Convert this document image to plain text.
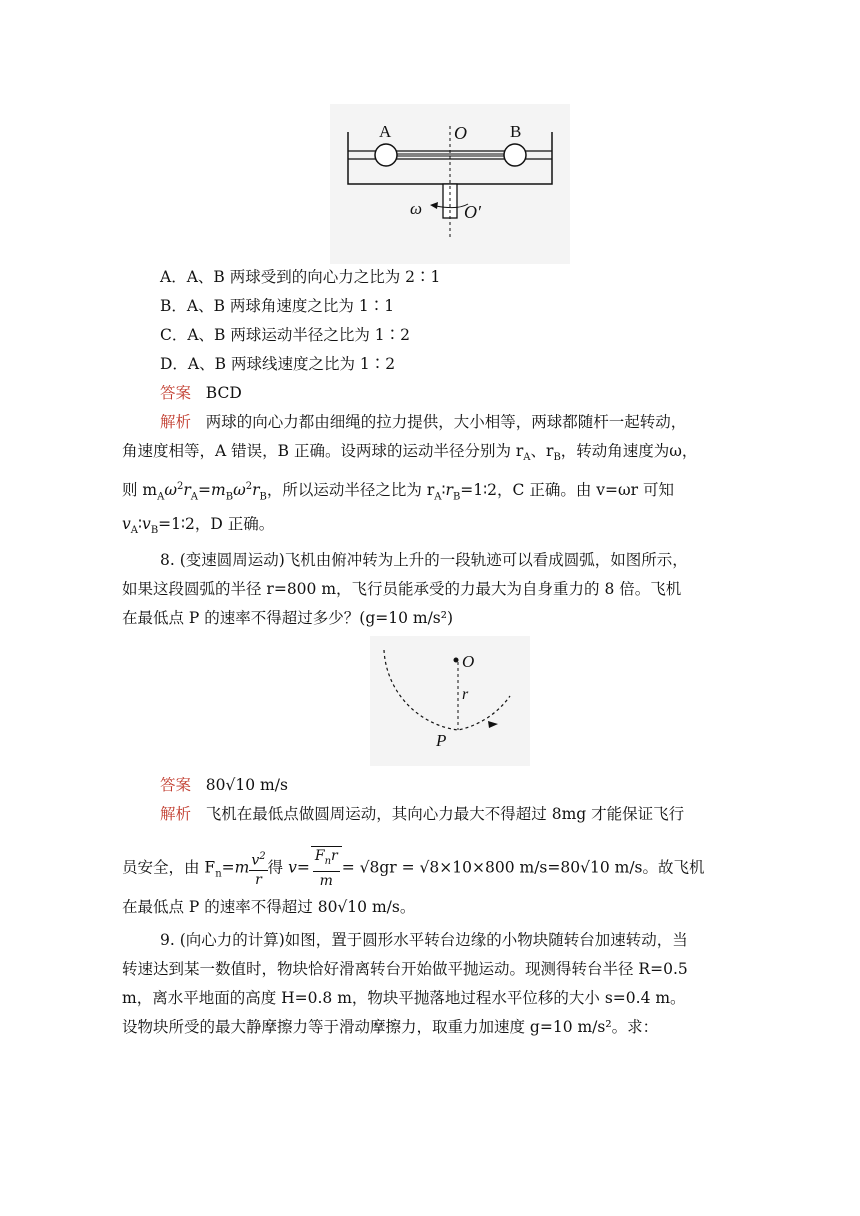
A	B
O
O′
ω
A．A、B 两球受到的向心力之比为 2∶1
B．A、B 两球角速度之比为 1∶1
C．A、B 两球运动半径之比为 1∶2
D．A、B 两球线速度之比为 1∶2
答案 BCD
解析 两球的向心力都由细绳的拉力提供，大小相等，两球都随杆一起转动，
角速度相等，A 错误，B 正确。设两球的运动半径分别为 $r_A$、$r_B$，转动角速度为ω，
则 $m_A\omega^2r_A=m_B\omega^2r_B$，所以运动半径之比为 $r_A∶r_B=1∶2$，C 正确。由 v=ωr 可知
$v_A∶v_B=1∶2$，D 正确。
8. (变速圆周运动)飞机由俯冲转为上升的一段轨迹可以看成圆弧，如图所示，
如果这段圆弧的半径 r=800 m，飞行员能承受的力最大为自身重力的 8 倍。飞机
在最低点 P 的速率不得超过多少？(g=10 m/s²)
O
r
P
答案 80√10 m/s
解析 飞机在最低点做圆周运动，其向心力最大不得超过 8mg 才能保证飞行
员安全，由 $F_n=m \frac{v^2}{r}$ 得 $v= \frac{F_nr}{m} = √8gr = √8\times 10\times 800$ m/s=80√10 m/s。故飞机
在最低点 P 的速率不得超过 80√10 m/s。
9. (向心力的计算)如图，置于圆形水平转台边缘的小物块随转台加速转动，当
转速达到某一数值时，物块恰好滑离转台开始做平抛运动。现测得转台半径 R=0.5
m，离水平地面的高度 H=0.8 m，物块平抛落地过程水平位移的大小 s=0.4 m。
设物块所受的最大静摩擦力等于滑动摩擦力，取重力加速度 g=10 m/s²。求：
